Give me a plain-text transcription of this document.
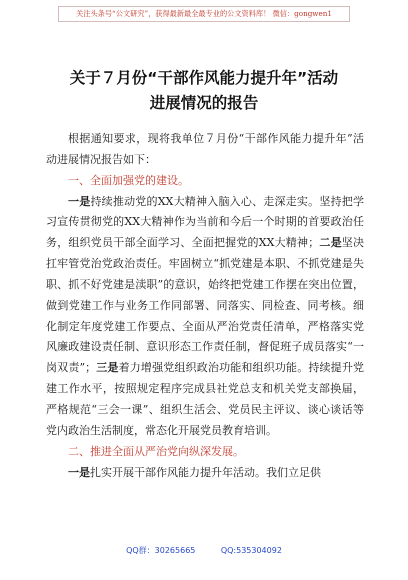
关注头条号“公文研究”，获得最新最全最专业的公文资料库！ 微信：gongwen1
关于７月份“干部作风能力提升年”活动
进展情况的报告

根据通知要求，现将我单位７月份“干部作风能力提升年”活动进展情况报告如下：

一、全面加强党的建设。

一是持续推动党的XX大精神入脑入心、走深走实。坚持把学习宣传贯彻党的XX大精神作为当前和今后一个时期的首要政治任务，组织党员干部全面学习、全面把握党的XX大精神；二是坚决扛牢管党治党政治责任。牢固树立“抓党建是本职、不抓党建是失职、抓不好党建是渎职”的意识，始终把党建工作摆在突出位置，做到党建工作与业务工作同部署、同落实、同检查、同考核。细化制定年度党建工作要点、全面从严治党责任清单，严格落实党风廉政建设责任制、意识形态工作责任制，督促班子成员落实“一岗双责”；三是着力增强党组织政治功能和组织功能。持续提升党建工作水平，按照规定程序完成县社党总支和机关党支部换届，严格规范“三会一课”、组织生活会、党员民主评议、谈心谈话等党内政治生活制度，常态化开展党员教育培训。

二、推进全面从严治党向纵深发展。

一是扎实开展干部作风能力提升年活动。我们立足供

QQ群：30265665	QQ:535304092
